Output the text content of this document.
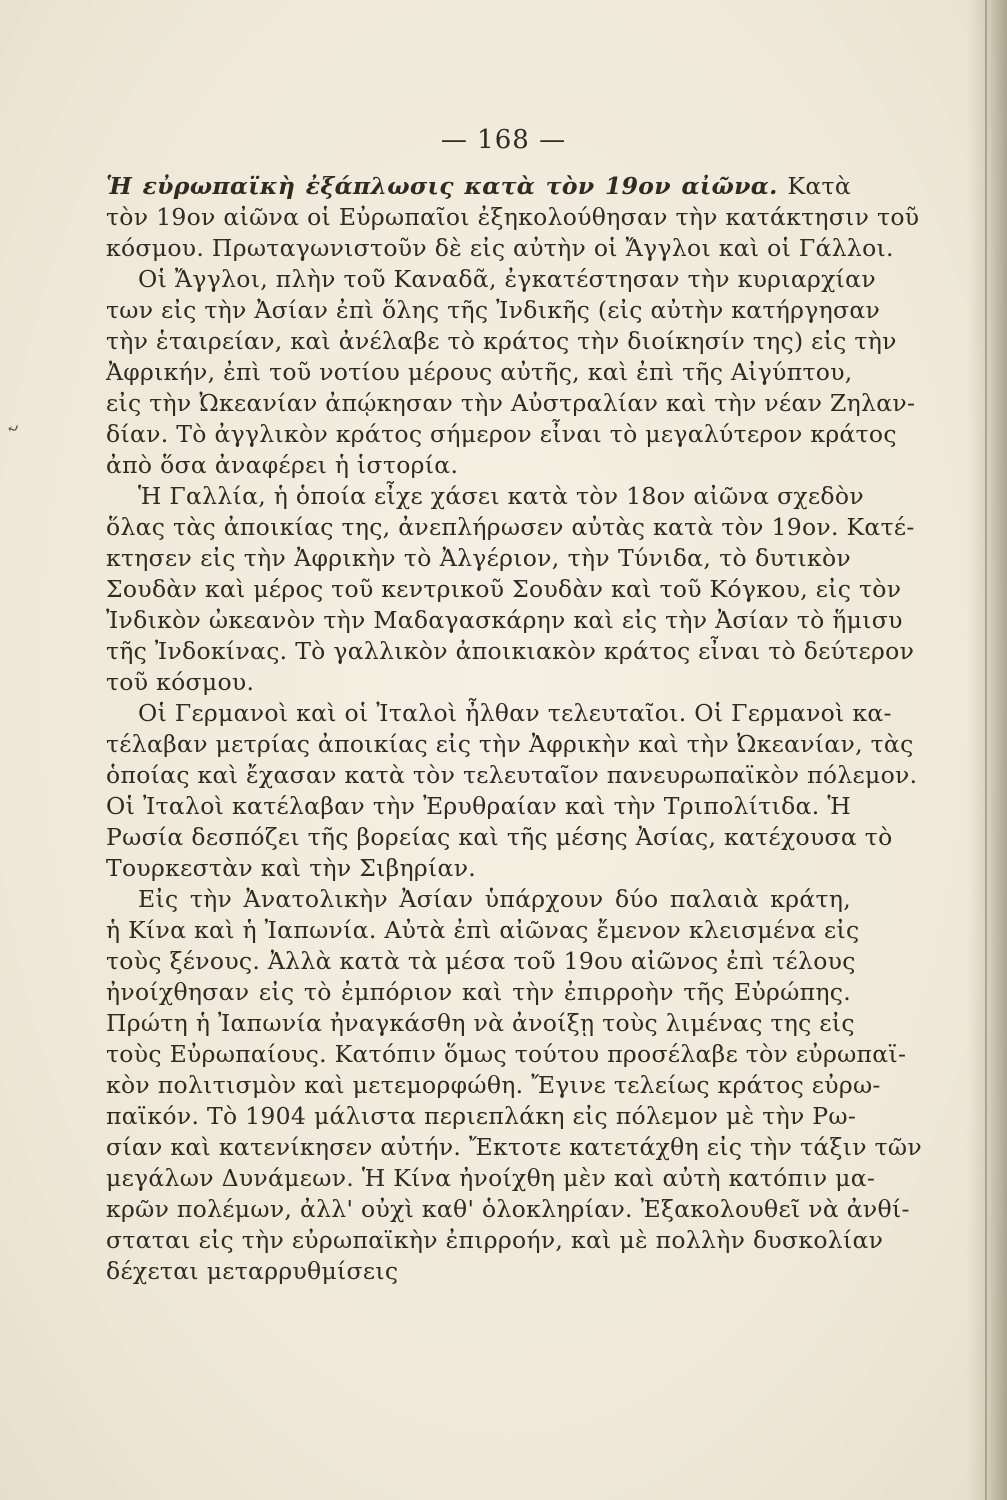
— 168 —
⤶
Ἡ εὐρωπαϊκὴ ἐξάπλωσις κατὰ τὸν 19ον αἰῶνα. Κατὰ
τὸν 19ον αἰῶνα οἱ Εὐρωπαῖοι ἐξηκολούθησαν τὴν κατάκτησιν τοῦ
κόσμου. Πρωταγωνιστοῦν δὲ εἰς αὐτὴν οἱ Ἄγγλοι καὶ οἱ Γάλλοι.
Οἱ Ἄγγλοι, πλὴν τοῦ Καναδᾶ, ἐγκατέστησαν τὴν κυριαρχίαν
των εἰς τὴν Ἀσίαν ἐπὶ ὅλης τῆς Ἰνδικῆς (εἰς αὐτὴν κατήργησαν
τὴν ἑταιρείαν, καὶ ἀνέλαβε τὸ κράτος τὴν διοίκησίν της) εἰς τὴν
Ἀφρικήν, ἐπὶ τοῦ νοτίου μέρους αὐτῆς, καὶ ἐπὶ τῆς Αἰγύπτου,
εἰς τὴν Ὠκεανίαν ἀπῴκησαν τὴν Αὐστραλίαν καὶ τὴν νέαν Ζηλαν-
δίαν. Τὸ ἀγγλικὸν κράτος σήμερον εἶναι τὸ μεγαλύτερον κράτος
ἀπὸ ὅσα ἀναφέρει ἡ ἱστορία.
Ἡ Γαλλία, ἡ ὁποία εἶχε χάσει κατὰ τὸν 18ον αἰῶνα σχεδὸν
ὅλας τὰς ἀποικίας της, ἀνεπλήρωσεν αὐτὰς κατὰ τὸν 19ον. Κατέ-
κτησεν εἰς τὴν Ἀφρικὴν τὸ Ἀλγέριον, τὴν Τύνιδα, τὸ δυτικὸν
Σουδὰν καὶ μέρος τοῦ κεντρικοῦ Σουδὰν καὶ τοῦ Κόγκου, εἰς τὸν
Ἰνδικὸν ὠκεανὸν τὴν Μαδαγασκάρην καὶ εἰς τὴν Ἀσίαν τὸ ἥμισυ
τῆς Ἰνδοκίνας. Τὸ γαλλικὸν ἀποικιακὸν κράτος εἶναι τὸ δεύτερον
τοῦ κόσμου.
Οἱ Γερμανοὶ καὶ οἱ Ἰταλοὶ ἦλθαν τελευταῖοι. Οἱ Γερμανοὶ κα-
τέλαβαν μετρίας ἀποικίας εἰς τὴν Ἀφρικὴν καὶ τὴν Ὠκεανίαν, τὰς
ὁποίας καὶ ἔχασαν κατὰ τὸν τελευταῖον πανευρωπαϊκὸν πόλεμον.
Οἱ Ἰταλοὶ κατέλαβαν τὴν Ἐρυθραίαν καὶ τὴν Τριπολίτιδα. Ἡ
Ρωσία δεσπόζει τῆς βορείας καὶ τῆς μέσης Ἀσίας, κατέχουσα τὸ
Τουρκεστὰν καὶ τὴν Σιβηρίαν.
Εἰς τὴν Ἀνατολικὴν Ἀσίαν ὑπάρχουν δύο παλαιὰ κράτη,
ἡ Κίνα καὶ ἡ Ἰαπωνία. Αὐτὰ ἐπὶ αἰῶνας ἔμενον κλεισμένα εἰς
τοὺς ξένους. Ἀλλὰ κατὰ τὰ μέσα τοῦ 19ου αἰῶνος ἐπὶ τέλους
ἠνοίχθησαν εἰς τὸ ἐμπόριον καὶ τὴν ἐπιρροὴν τῆς Εὐρώπης.
Πρώτη ἡ Ἰαπωνία ἠναγκάσθη νὰ ἀνοίξῃ τοὺς λιμένας της εἰς
τοὺς Εὐρωπαίους. Κατόπιν ὅμως τούτου προσέλαβε τὸν εὐρωπαϊ-
κὸν πολιτισμὸν καὶ μετεμορφώθη. Ἔγινε τελείως κράτος εὐρω-
παϊκόν. Τὸ 1904 μάλιστα περιεπλάκη εἰς πόλεμον μὲ τὴν Ρω-
σίαν καὶ κατενίκησεν αὐτήν. Ἔκτοτε κατετάχθη εἰς τὴν τάξιν τῶν
μεγάλων Δυνάμεων. Ἡ Κίνα ἠνοίχθη μὲν καὶ αὐτὴ κατόπιν μα-
κρῶν πολέμων, ἀλλ' οὐχὶ καθ' ὁλοκληρίαν. Ἐξακολουθεῖ νὰ ἀνθί-
σταται εἰς τὴν εὐρωπαϊκὴν ἐπιρροήν, καὶ μὲ πολλὴν δυσκολίαν
δέχεται μεταρρυθμίσεις
